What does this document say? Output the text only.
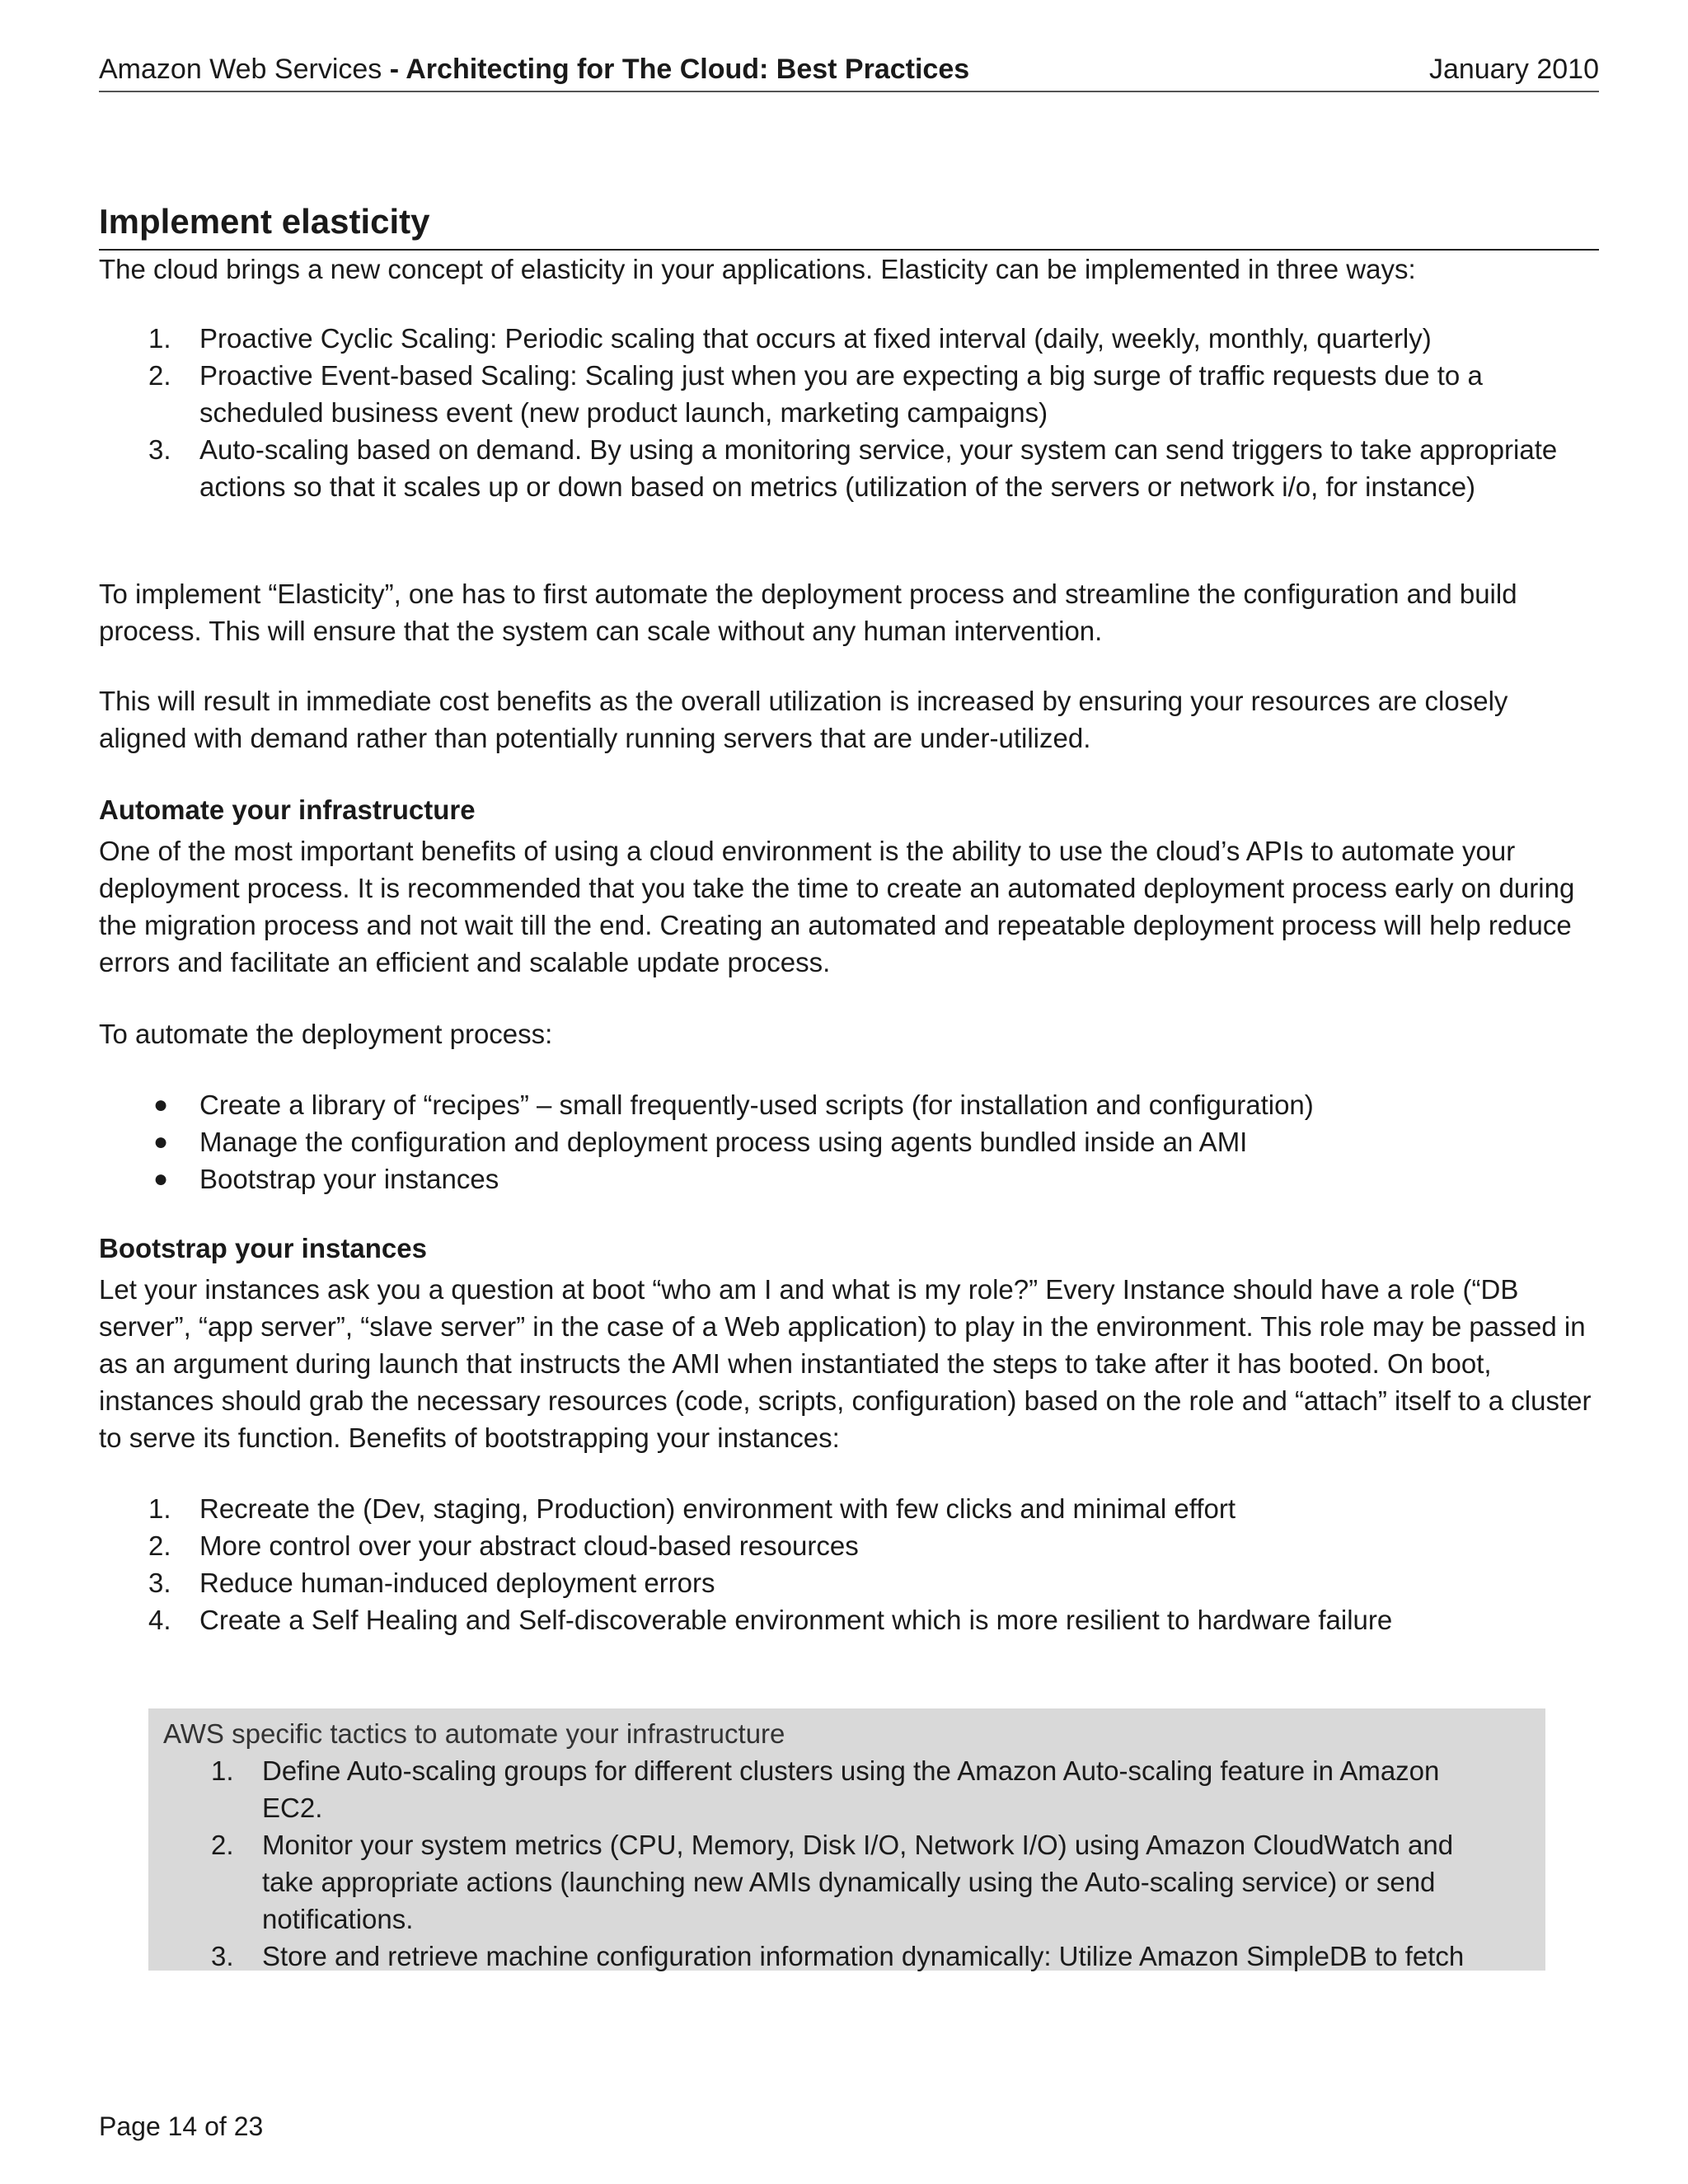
Amazon Web Services - Architecting for The Cloud: Best Practices	January 2010
Implement elasticity

The cloud brings a new concept of elasticity in your applications. Elasticity can be implemented in three ways:

1. Proactive Cyclic Scaling: Periodic scaling that occurs at fixed interval (daily, weekly, monthly, quarterly)
2. Proactive Event-based Scaling: Scaling just when you are expecting a big surge of traffic requests due to a scheduled business event (new product launch, marketing campaigns)
3. Auto-scaling based on demand. By using a monitoring service, your system can send triggers to take appropriate actions so that it scales up or down based on metrics (utilization of the servers or network i/o, for instance)

To implement “Elasticity”, one has to first automate the deployment process and streamline the configuration and build process. This will ensure that the system can scale without any human intervention.

This will result in immediate cost benefits as the overall utilization is increased by ensuring your resources are closely aligned with demand rather than potentially running servers that are under-utilized.

Automate your infrastructure

One of the most important benefits of using a cloud environment is the ability to use the cloud’s APIs to automate your deployment process. It is recommended that you take the time to create an automated deployment process early on during the migration process and not wait till the end. Creating an automated and repeatable deployment process will help reduce errors and facilitate an efficient and scalable update process.

To automate the deployment process:

● Create a library of “recipes” – small frequently-used scripts (for installation and configuration)
● Manage the configuration and deployment process using agents bundled inside an AMI
● Bootstrap your instances
Bootstrap your instances

Let your instances ask you a question at boot “who am I and what is my role?” Every Instance should have a role (“DB server”, “app server”, “slave server” in the case of a Web application) to play in the environment. This role may be passed in as an argument during launch that instructs the AMI when instantiated the steps to take after it has booted. On boot, instances should grab the necessary resources (code, scripts, configuration) based on the role and “attach” itself to a cluster to serve its function. Benefits of bootstrapping your instances:

1. Recreate the (Dev, staging, Production) environment with few clicks and minimal effort
2. More control over your abstract cloud-based resources
3. Reduce human-induced deployment errors
4. Create a Self Healing and Self-discoverable environment which is more resilient to hardware failure
AWS specific tactics to automate your infrastructure
1. Define Auto-scaling groups for different clusters using the Amazon Auto-scaling feature in Amazon EC2.
2. Monitor your system metrics (CPU, Memory, Disk I/O, Network I/O) using Amazon CloudWatch and take appropriate actions (launching new AMIs dynamically using the Auto-scaling service) or send notifications.
3. Store and retrieve machine configuration information dynamically: Utilize Amazon SimpleDB to fetch
Page 14 of 23
